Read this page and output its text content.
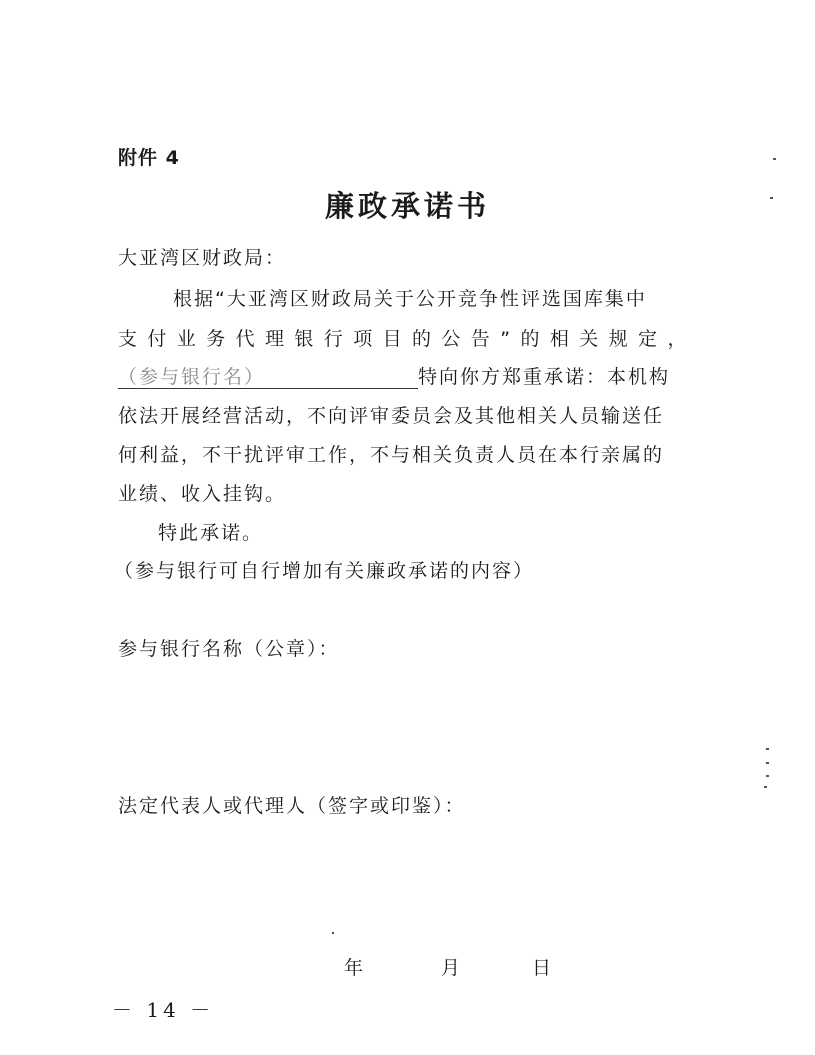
附件 4
廉政承诺书
大亚湾区财政局：
根据“大亚湾区财政局关于公开竞争性评选国库集中
支付业务代理银行项目的公告”的相关规定，
（参与银行名）	特向你方郑重承诺：本机构
依法开展经营活动，不向评审委员会及其他相关人员输送任
何利益，不干扰评审工作，不与相关负责人员在本行亲属的
业绩、收入挂钩。
特此承诺。
（参与银行可自行增加有关廉政承诺的内容）
参与银行名称（公章）：
法定代表人或代理人（签字或印鉴）：
年	月	日
－ 14 －
